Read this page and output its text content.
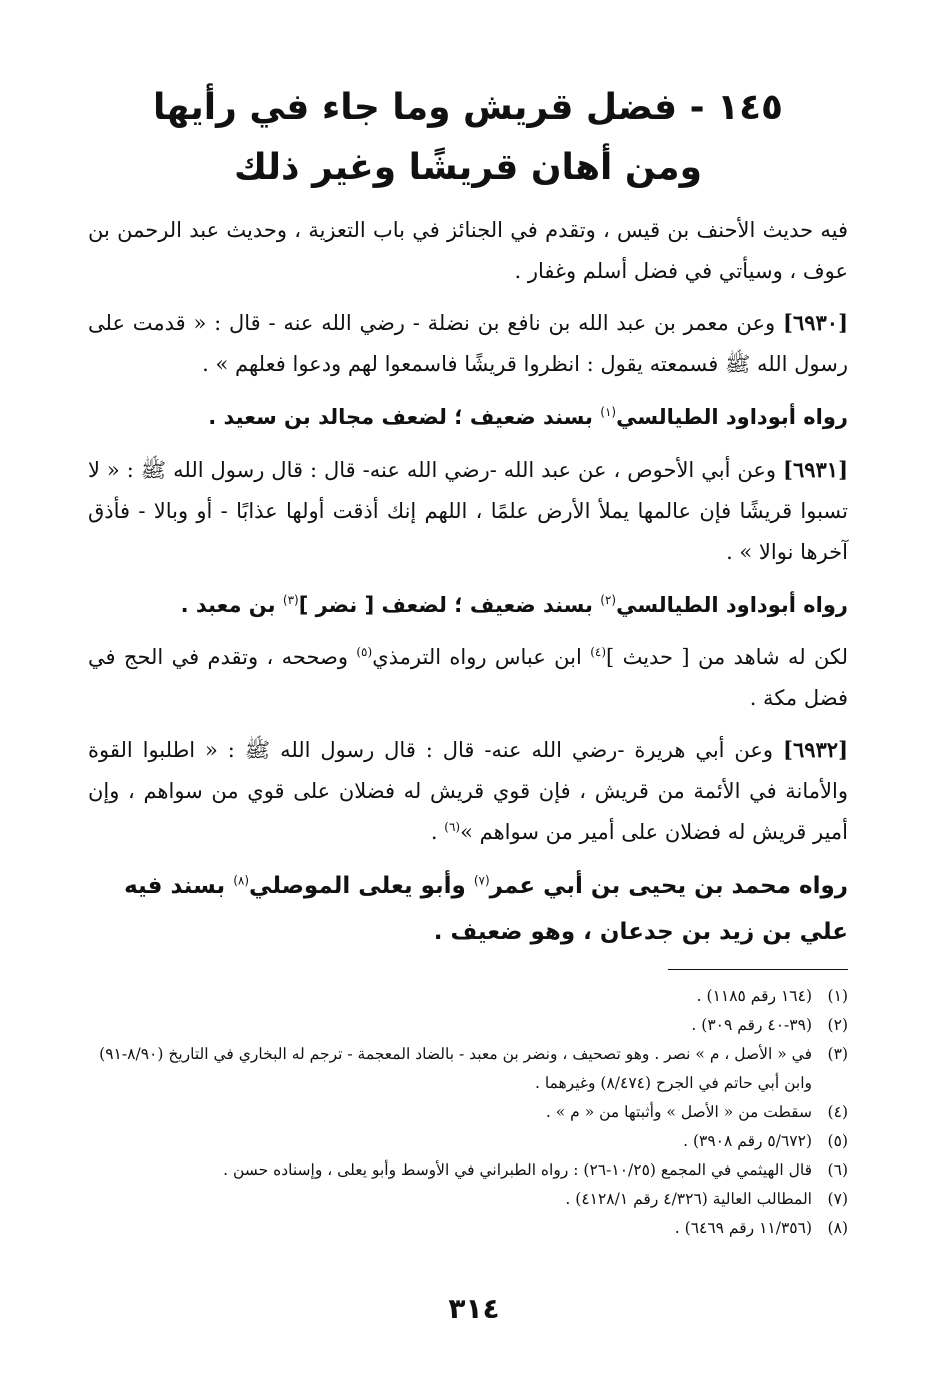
١٤٥ - فضل قريش وما جاء في رأيها
ومن أهان قريشًا وغير ذلك

فيه حديث الأحنف بن قيس ، وتقدم في الجنائز في باب التعزية ، وحديث عبد الرحمن بن عوف ، وسيأتي في فضل أسلم وغفار .

[٦٩٣٠] وعن معمر بن عبد الله بن نافع بن نضلة - رضي الله عنه - قال : « قدمت على رسول الله ﷺ فسمعته يقول : انظروا قريشًا فاسمعوا لهم ودعوا فعلهم » .

رواه أبوداود الطيالسي$^{(١)}$ بسند ضعيف ؛ لضعف مجالد بن سعيد .

[٦٩٣١] وعن أبي الأحوص ، عن عبد الله -رضي الله عنه- قال : قال رسول الله ﷺ : « لا تسبوا قريشًا فإن عالمها يملأ الأرض علمًا ، اللهم إنك أذقت أولها عذابًا - أو وبالا - فأذق آخرها نوالا » .

رواه أبوداود الطيالسي$^{(٢)}$ بسند ضعيف ؛ لضعف [ نضر ]$^{(٣)}$ بن معبد .

لكن له شاهد من [ حديث ]$^{(٤)}$ ابن عباس رواه الترمذي$^{(٥)}$ وصححه ، وتقدم في الحج في فضل مكة .

[٦٩٣٢] وعن أبي هريرة -رضي الله عنه- قال : قال رسول الله ﷺ : « اطلبوا القوة والأمانة في الأئمة من قريش ، فإن قوي قريش له فضلان على قوي من سواهم ، وإن أمير قريش له فضلان على أمير من سواهم »$^{(٦)}$ .

رواه محمد بن يحيى بن أبي عمر$^{(٧)}$ وأبو يعلى الموصلي$^{(٨)}$ بسند فيه علي بن زيد بن جدعان ، وهو ضعيف .

(١)
(١٦٤ رقم ١١٨٥) .
(٢)
(٣٩-٤٠ رقم ٣٠٩) .
(٣)
في « الأصل ، م » نصر . وهو تصحيف ، ونضر بن معبد - بالضاد المعجمة - ترجم له البخاري في التاريخ (٨/٩٠-٩١) وابن أبي حاتم في الجرح (٨/٤٧٤) وغيرهما .
(٤)
سقطت من « الأصل » وأثبتها من « م » .
(٥)
(٥/٦٧٢ رقم ٣٩٠٨) .
(٦)
قال الهيثمي في المجمع (١٠/٢٥-٢٦) : رواه الطبراني في الأوسط وأبو يعلى ، وإسناده حسن .
(٧)
المطالب العالية (٤/٣٢٦ رقم ٤١٢٨/١) .
(٨)
(١١/٣٥٦ رقم ٦٤٦٩) .
٣١٤
